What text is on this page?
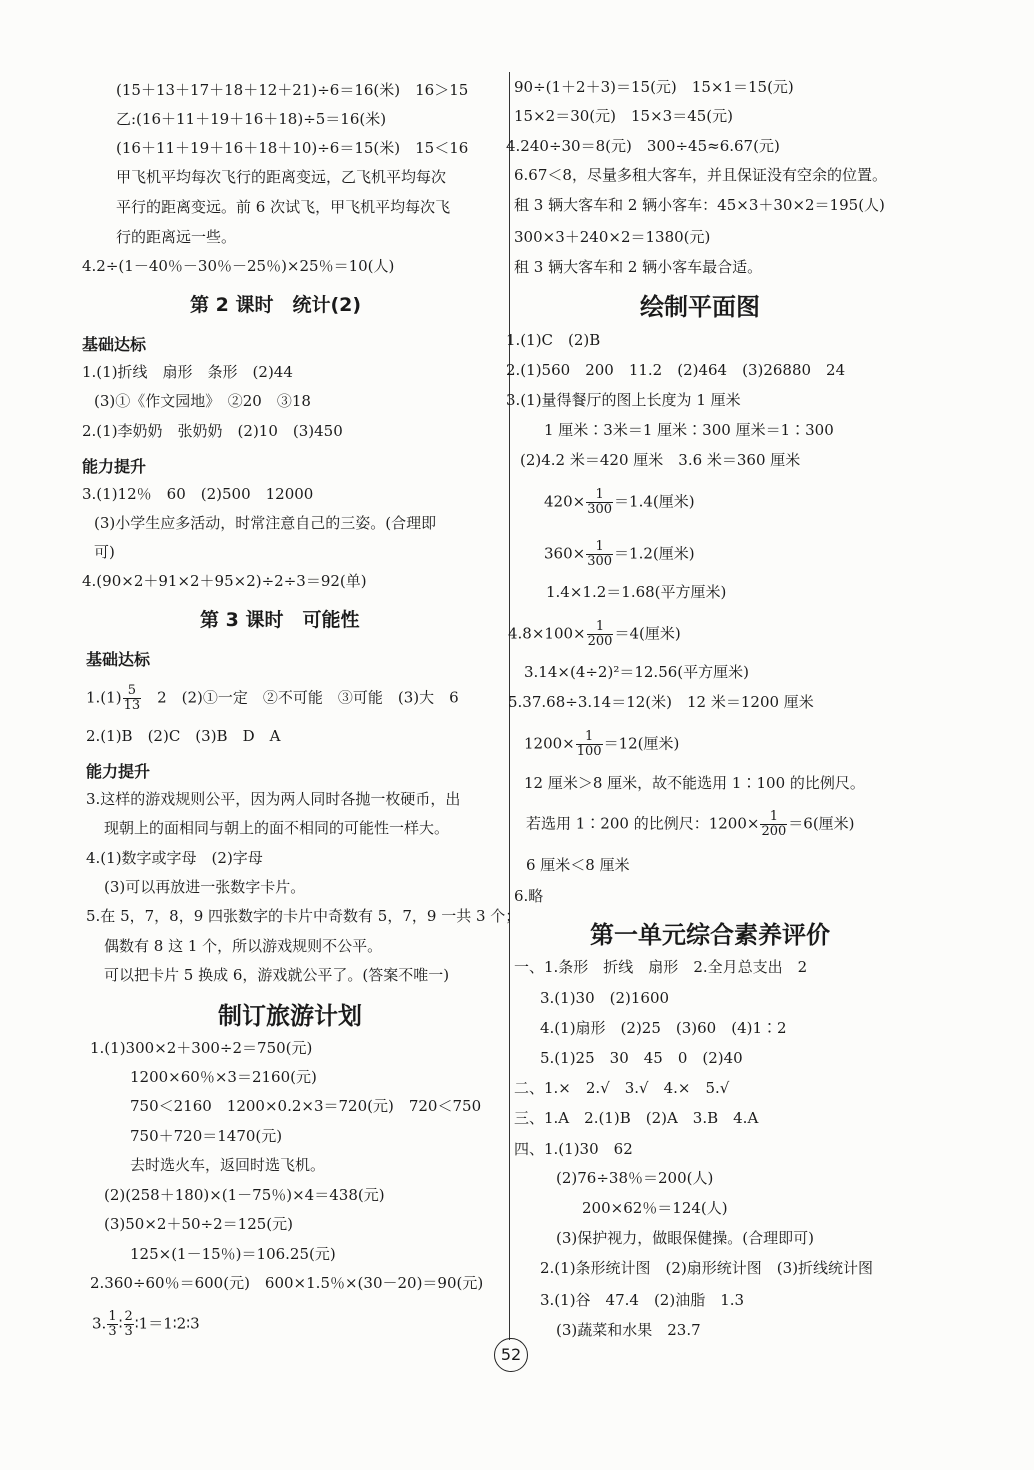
(15＋13＋17＋18＋12＋21)÷6＝16(米)　16＞15
乙:(16＋11＋19＋16＋18)÷5＝16(米)
(16＋11＋19＋16＋18＋10)÷6＝15(米)　15＜16
甲飞机平均每次飞行的距离变远，乙飞机平均每次
平行的距离变远。前 6 次试飞，甲飞机平均每次飞
行的距离远一些。
4.2÷(1－40％－30％－25％)×25％＝10(人)
第 2 课时　统计(2)
基础达标
1.(1)折线　扇形　条形　(2)44
(3)①《作文园地》　②20　③18
2.(1)李奶奶　张奶奶　(2)10　(3)450
能力提升
3.(1)12％　60　(2)500　12000
(3)小学生应多活动，时常注意自己的三姿。(合理即
可)
4.(90×2＋91×2＋95×2)÷2÷3＝92(单)
第 3 课时　可能性
基础达标
$1.(1) \frac{5}{13}$ 　2　(2)①一定　②不可能　③可能　(3)大　6
2.(1)B　(2)C　(3)B　D　A
能力提升
3.这样的游戏规则公平，因为两人同时各抛一枚硬币，出
现朝上的面相同与朝上的面不相同的可能性一样大。
4.(1)数字或字母　(2)字母
(3)可以再放进一张数字卡片。
5.在 5，7，8，9 四张数字的卡片中奇数有 5，7，9 一共 3 个；
偶数有 8 这 1 个，所以游戏规则不公平。
可以把卡片 5 换成 6，游戏就公平了。(答案不唯一)
制订旅游计划
1.(1)300×2＋300÷2＝750(元)
1200×60％×3＝2160(元)
750＜2160　1200×0.2×3＝720(元)　720＜750
750＋720＝1470(元)
去时选火车，返回时选飞机。
(2)(258＋180)×(1－75％)×4＝438(元)
(3)50×2＋50÷2＝125(元)
125×(1－15％)＝106.25(元)
2.360÷60％＝600(元)　600×1.5％×(30－20)＝90(元)
3. $\frac{1}{3}$ ∶ $\frac{2}{3}$ ∶1＝1∶2∶3
90÷(1＋2＋3)＝15(元)　15×1＝15(元)
15×2＝30(元)　15×3＝45(元)
4.240÷30＝8(元)　300÷45≈6.67(元)
6.67＜8，尽量多租大客车，并且保证没有空余的位置。
租 3 辆大客车和 2 辆小客车：45×3＋30×2＝195(人)
300×3＋240×2＝1380(元)
租 3 辆大客车和 2 辆小客车最合适。
绘制平面图
1.(1)C　(2)B
2.(1)560　200　11.2　(2)464　(3)26880　24
3.(1)量得餐厅的图上长度为 1 厘米
1 厘米∶3米＝1 厘米∶300 厘米＝1∶300
(2)4.2 米＝420 厘米　3.6 米＝360 厘米
$420\times \frac{1}{300} =1.4$(厘米)
$360\times \frac{1}{300} =1.2$(厘米)
1.4×1.2＝1.68(平方厘米)
$4.8\times 100\times \frac{1}{200} =4$(厘米)
3.14×(4÷2)²＝12.56(平方厘米)
5.37.68÷3.14＝12(米)　12 米＝1200 厘米
$1200\times \frac{1}{100} =12$(厘米)
12 厘米＞8 厘米，故不能选用 1∶100 的比例尺。
若选用 1∶200 的比例尺：$1200\times \frac{1}{200} =6$(厘米)
6 厘米＜8 厘米
6.略
第一单元综合素养评价
一、1.条形　折线　扇形　2.全月总支出　2
3.(1)30　(2)1600
4.(1)扇形　(2)25　(3)60　(4)1∶2
5.(1)25　30　45　0　(2)40
二、1.×　2.√　3.√　4.×　5.√
三、1.A　2.(1)B　(2)A　3.B　4.A
四、1.(1)30　62
(2)76÷38％＝200(人)
200×62％＝124(人)
(3)保护视力，做眼保健操。(合理即可)
2.(1)条形统计图　(2)扇形统计图　(3)折线统计图
3.(1)谷　47.4　(2)油脂　1.3
(3)蔬菜和水果　23.7
52
